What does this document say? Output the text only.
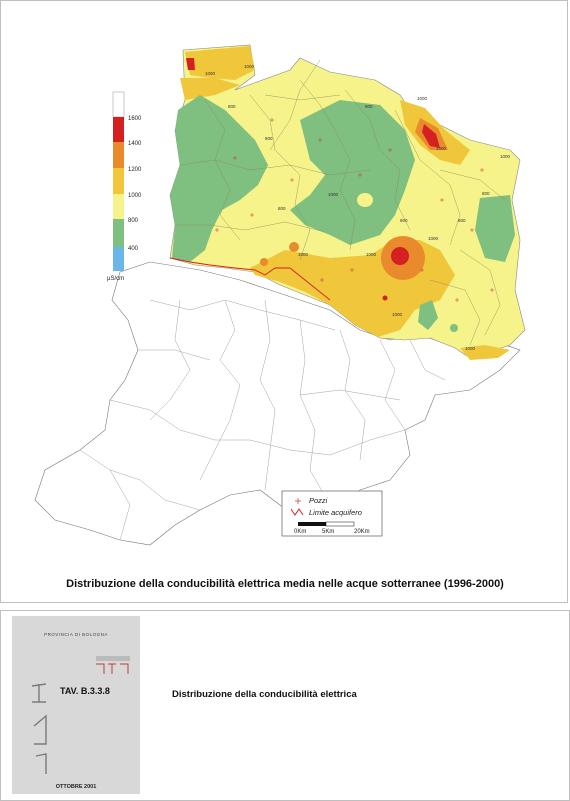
1000
800
1000
800
1000
800
1000
800
1000
1000
800
1000
800
1000
1000
800
1000
1000
1600
1400
1200
1000
800
400
µS/cm
Pozzi
Limite acquifero
0Km	5Km	20Km
Distribuzione della conducibilità elettrica media nelle acque sotterranee (1996-2000)
PROVINCIA DI BOLOGNA
OTTOBRE 2001
TAV. B.3.3.8	Distribuzione della conducibilità elettrica
